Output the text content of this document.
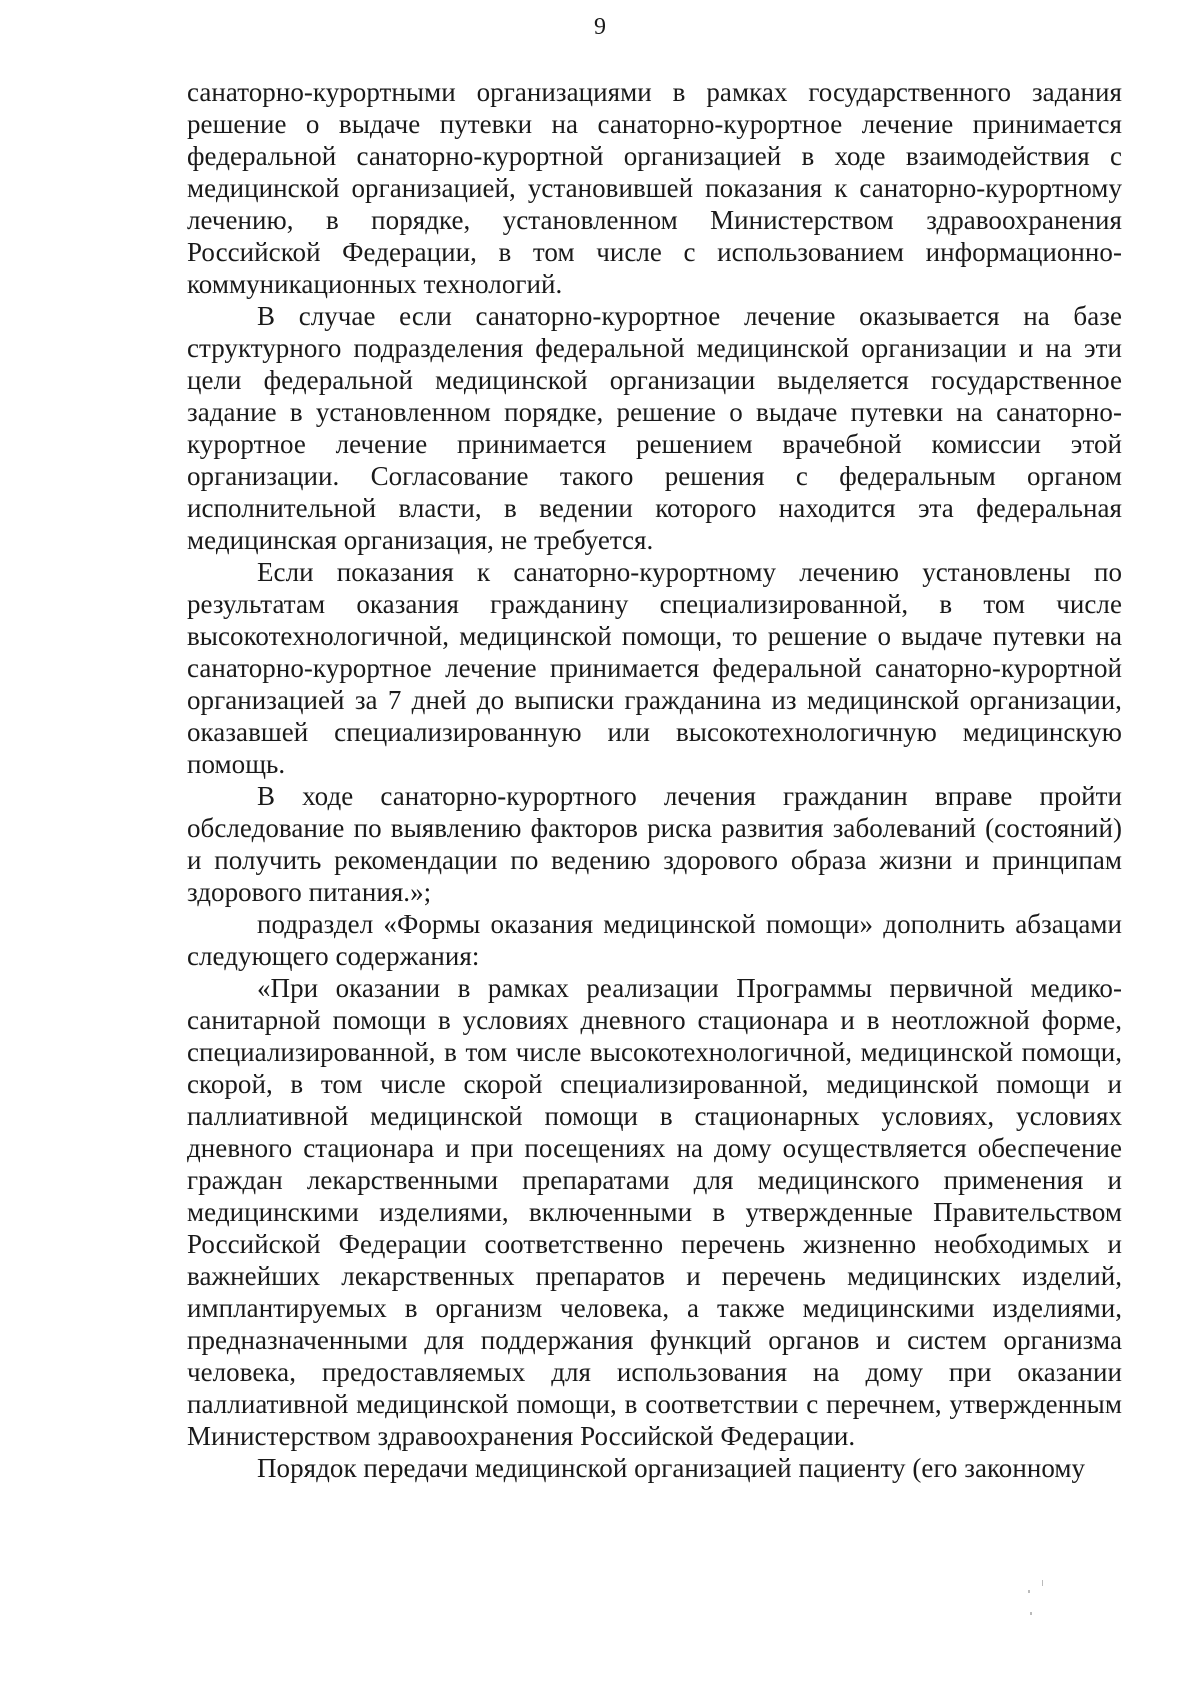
9

санаторно-курортными организациями в рамках государственного задания решение о выдаче путевки на санаторно-курортное лечение принимается федеральной санаторно-курортной организацией в ходе взаимодействия с медицинской организацией, установившей показания к санаторно-курортному лечению, в порядке, установленном Министерством здравоохранения Российской Федерации, в том числе с использованием информационно-коммуникационных технологий.

В случае если санаторно-курортное лечение оказывается на базе структурного подразделения федеральной медицинской организации и на эти цели федеральной медицинской организации выделяется государственное задание в установленном порядке, решение о выдаче путевки на санаторно-курортное лечение принимается решением врачебной комиссии этой организации. Согласование такого решения с федеральным органом исполнительной власти, в ведении которого находится эта федеральная медицинская организация, не требуется.

Если показания к санаторно-курортному лечению установлены по результатам оказания гражданину специализированной, в том числе высокотехнологичной, медицинской помощи, то решение о выдаче путевки на санаторно-курортное лечение принимается федеральной санаторно-курортной организацией за 7 дней до выписки гражданина из медицинской организации, оказавшей специализированную или высокотехнологичную медицинскую помощь.

В ходе санаторно-курортного лечения гражданин вправе пройти обследование по выявлению факторов риска развития заболеваний (состояний) и получить рекомендации по ведению здорового образа жизни и принципам здорового питания.»;

подраздел «Формы оказания медицинской помощи» дополнить абзацами следующего содержания:

«При оказании в рамках реализации Программы первичной медико-санитарной помощи в условиях дневного стационара и в неотложной форме, специализированной, в том числе высокотехнологичной, медицинской помощи, скорой, в том числе скорой специализированной, медицинской помощи и паллиативной медицинской помощи в стационарных условиях, условиях дневного стационара и при посещениях на дому осуществляется обеспечение граждан лекарственными препаратами для медицинского применения и медицинскими изделиями, включенными в утвержденные Правительством Российской Федерации соответственно перечень жизненно необходимых и важнейших лекарственных препаратов и перечень медицинских изделий, имплантируемых в организм человека, а также медицинскими изделиями, предназначенными для поддержания функций органов и систем организма человека, предоставляемых для использования на дому при оказании паллиативной медицинской помощи, в соответствии с перечнем, утвержденным Министерством здравоохранения Российской Федерации.

Порядок передачи медицинской организацией пациенту (его законному
